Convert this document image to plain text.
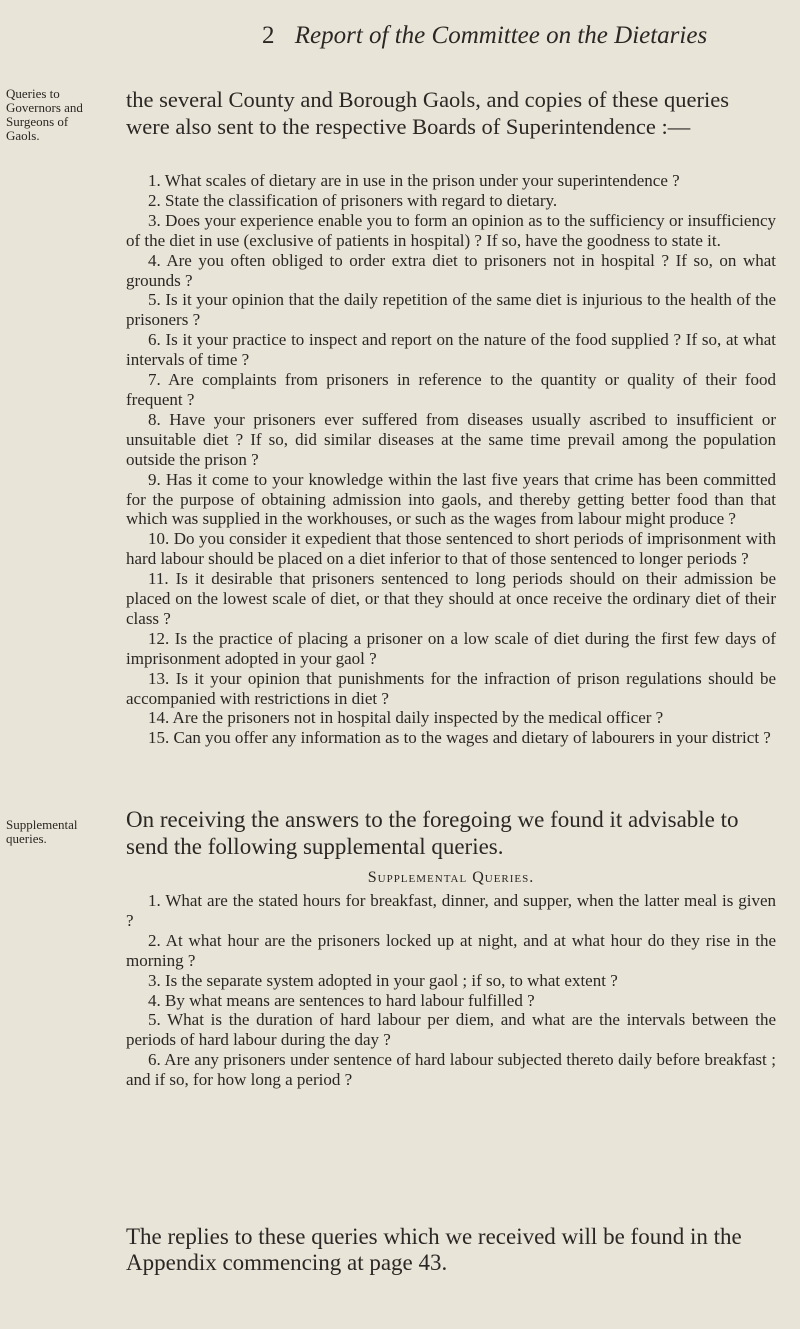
2 Report of the Committee on the Dietaries
Queries to Governors and Surgeons of Gaols.
Supplemental queries.
the several County and Borough Gaols, and copies of these queries were also sent to the respective Boards of Superintendence :—

1. What scales of dietary are in use in the prison under your superintendence ?

2. State the classification of prisoners with regard to dietary.

3. Does your experience enable you to form an opinion as to the sufficiency or insufficiency of the diet in use (exclusive of patients in hospital) ? If so, have the goodness to state it.

4. Are you often obliged to order extra diet to prisoners not in hospital ? If so, on what grounds ?

5. Is it your opinion that the daily repetition of the same diet is injurious to the health of the prisoners ?

6. Is it your practice to inspect and report on the nature of the food supplied ? If so, at what intervals of time ?

7. Are complaints from prisoners in reference to the quantity or quality of their food frequent ?

8. Have your prisoners ever suffered from diseases usually ascribed to insufficient or unsuitable diet ? If so, did similar diseases at the same time prevail among the population outside the prison ?

9. Has it come to your knowledge within the last five years that crime has been committed for the purpose of obtaining admission into gaols, and thereby getting better food than that which was supplied in the workhouses, or such as the wages from labour might produce ?

10. Do you consider it expedient that those sentenced to short periods of imprisonment with hard labour should be placed on a diet inferior to that of those sentenced to longer periods ?

11. Is it desirable that prisoners sentenced to long periods should on their admission be placed on the lowest scale of diet, or that they should at once receive the ordinary diet of their class ?

12. Is the practice of placing a prisoner on a low scale of diet during the first few days of imprisonment adopted in your gaol ?

13. Is it your opinion that punishments for the infraction of prison regulations should be accompanied with restrictions in diet ?

14. Are the prisoners not in hospital daily inspected by the medical officer ?

15. Can you offer any information as to the wages and dietary of labourers in your district ?

On receiving the answers to the foregoing we found it advisable to send the following supplemental queries.
Supplemental Queries.

1. What are the stated hours for breakfast, dinner, and supper, when the latter meal is given ?

2. At what hour are the prisoners locked up at night, and at what hour do they rise in the morning ?

3. Is the separate system adopted in your gaol ; if so, to what extent ?

4. By what means are sentences to hard labour fulfilled ?

5. What is the duration of hard labour per diem, and what are the intervals between the periods of hard labour during the day ?

6. Are any prisoners under sentence of hard labour subjected thereto daily before breakfast ; and if so, for how long a period ?

The replies to these queries which we received will be found in the Appendix commencing at page 43.
